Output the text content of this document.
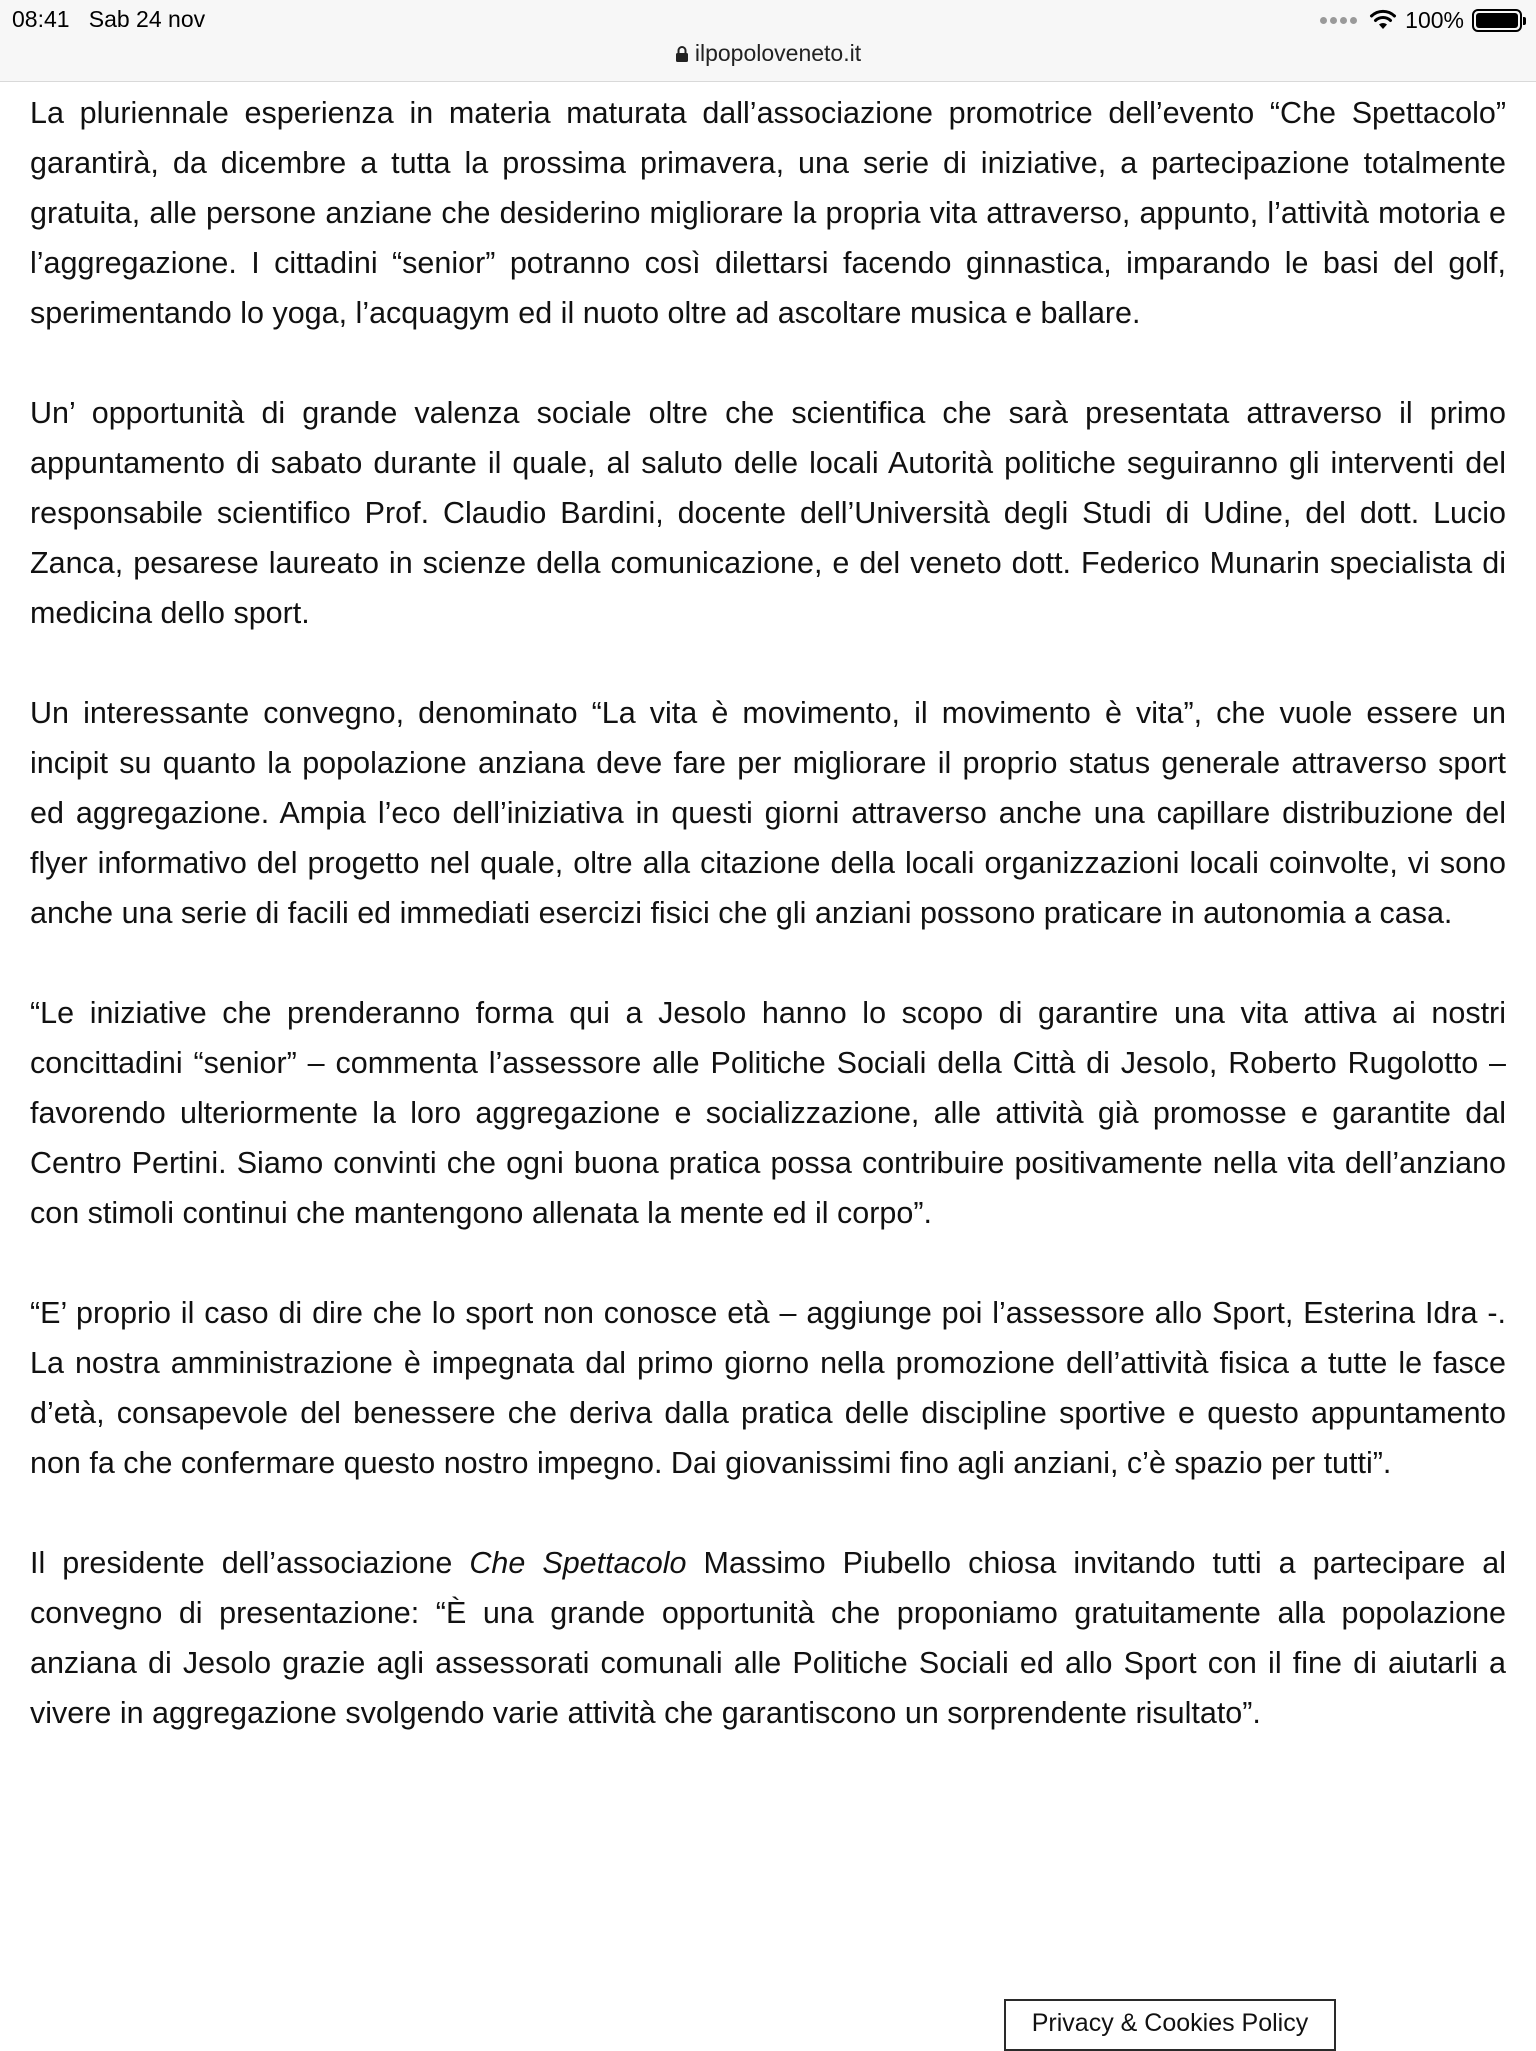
08:41 Sab 24 nov	100%
ilpopoloveneto.it

La pluriennale esperienza in materia maturata dall’associazione promotrice dell’evento “Che Spettacolo” garantirà, da dicembre a tutta la prossima primavera, una serie di iniziative, a partecipazione totalmente gratuita, alle persone anziane che desiderino migliorare la propria vita attraverso, appunto, l’attività motoria e l’aggregazione. I cittadini “senior” potranno così dilettarsi facendo ginnastica, imparando le basi del golf, sperimentando lo yoga, l’acquagym ed il nuoto oltre ad ascoltare musica e ballare.

Un’ opportunità di grande valenza sociale oltre che scientifica che sarà presentata attraverso il primo appuntamento di sabato durante il quale, al saluto delle locali Autorità politiche seguiranno gli interventi del responsabile scientifico Prof. Claudio Bardini, docente dell’Università degli Studi di Udine, del dott. Lucio Zanca, pesarese laureato in scienze della comunicazione, e del veneto dott. Federico Munarin specialista di medicina dello sport.

Un interessante convegno, denominato “La vita è movimento, il movimento è vita”, che vuole essere un incipit su quanto la popolazione anziana deve fare per migliorare il proprio status generale attraverso sport ed aggregazione. Ampia l’eco dell’iniziativa in questi giorni attraverso anche una capillare distribuzione del flyer informativo del progetto nel quale, oltre alla citazione della locali organizzazioni locali coinvolte, vi sono anche una serie di facili ed immediati esercizi fisici che gli anziani possono praticare in autonomia a casa.

“Le iniziative che prenderanno forma qui a Jesolo hanno lo scopo di garantire una vita attiva ai nostri concittadini “senior” – commenta l’assessore alle Politiche Sociali della Città di Jesolo, Roberto Rugolotto – favorendo ulteriormente la loro aggregazione e socializzazione, alle attività già promosse e garantite dal Centro Pertini. Siamo convinti che ogni buona pratica possa contribuire positivamente nella vita dell’anziano con stimoli continui che mantengono allenata la mente ed il corpo”.

“E’ proprio il caso di dire che lo sport non conosce età – aggiunge poi l’assessore allo Sport, Esterina Idra -. La nostra amministrazione è impegnata dal primo giorno nella promozione dell’attività fisica a tutte le fasce d’età, consapevole del benessere che deriva dalla pratica delle discipline sportive e questo appuntamento non fa che confermare questo nostro impegno. Dai giovanissimi fino agli anziani, c’è spazio per tutti”.

Il presidente dell’associazione Che Spettacolo Massimo Piubello chiosa invitando tutti a partecipare al convegno di presentazione: “È una grande opportunità che proponiamo gratuitamente alla popolazione anziana di Jesolo grazie agli assessorati comunali alle Politiche Sociali ed allo Sport con il fine di aiutarli a vivere in aggregazione svolgendo varie attività che garantiscono un sorprendente risultato”.

Privacy & Cookies Policy
